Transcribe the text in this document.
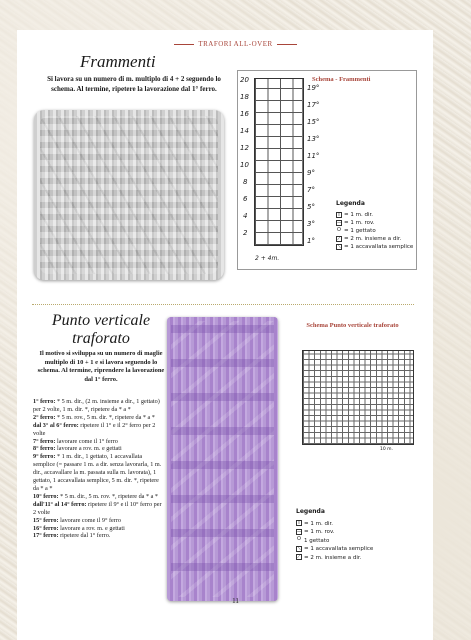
TRAFORI ALL-OVER
Frammenti
Si lavora su un numero di m. multiplo di 4 + 2 seguendo lo schema. Al termine, ripetere la lavorazione dal 1° ferro.
20
18
16
14
12
10
8
6
4
2
19°
17°
15°
13°
11°
9°
7°
5°
3°
1°
2 + 4m.
Schema - Frammenti
Legenda
I = 1 m. dir.
— = 1 m. rov.
O = 1 gettato
⟋ = 2 m. insieme a dir.
⟍ = 1 accavallata semplice
Punto verticale traforato
Il motivo si sviluppa su un numero di maglie multiplo di 10 + 1 e si lavora seguendo lo schema. Al termine, riprendere la lavorazione dal 1° ferro.
1° ferro: * 5 m. dir., (2 m. insieme a dir., 1 gettato) per 2 volte, 1 m. dir. *, ripetere da * a *
2° ferro: * 5 m. rov., 5 m. dir. *, ripetere da * a *
dal 3° al 6° ferro: ripetere il 1° e il 2° ferro per 2 volte
7° ferro: lavorare come il 1° ferro
8° ferro: lavorare a rov. m. e gettati
9° ferro: * 1 m. dir., 1 gettato, 1 accavallata semplice (= passare 1 m. a dir. senza lavorarla, 1 m. dir., accavallare la m. passata sulla m. lavorata), 1 gettato, 1 accavallata semplice, 5 m. dir. *, ripetere da * a *
10° ferro: * 5 m. dir., 5 m. rov. *, ripetere da * a *
dall'11° al 14° ferro: ripetere il 9° e il 10° ferro per 2 volte
15° ferro: lavorare come il 9° ferro
16° ferro: lavorare a rov. m. e gettati
17° ferro: ripetere dal 1° ferro.
Schema Punto verticale traforato
10 m.
Legenda
I = 1 m. dir.
— = 1 m. rov.
O 1 gettato
⟍ = 1 accavallata semplice
⟋ = 2 m. insieme a dir.
11
